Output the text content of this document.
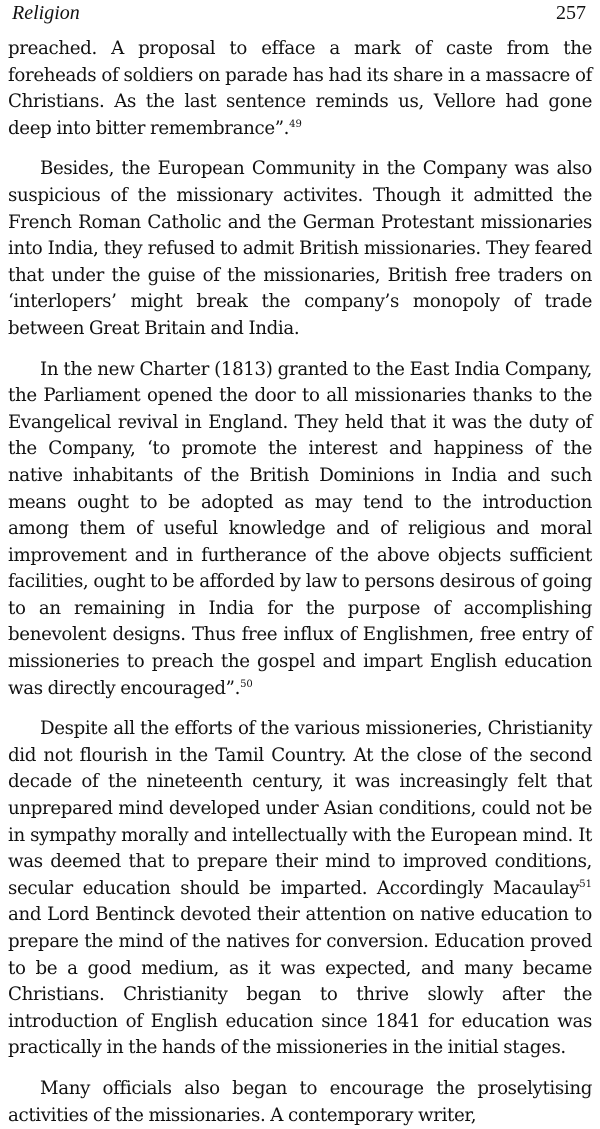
Religion	257

preached. A proposal to efface a mark of caste from the foreheads of soldiers on parade has had its share in a massacre of Christians. As the last sentence reminds us, Vellore had gone deep into bitter remembrance”.$^{49}$

Besides, the European Community in the Company was also suspicious of the missionary activites. Though it admitted the French Roman Catholic and the German Protestant missionaries into India, they refused to admit British missionaries. They feared that under the guise of the missionaries, British free traders on ‘interlopers’ might break the company’s monopoly of trade between Great Britain and India.

In the new Charter (1813) granted to the East India Company, the Parliament opened the door to all missionaries thanks to the Evangelical revival in England. They held that it was the duty of the Company, ‘to promote the interest and happiness of the native inhabitants of the British Dominions in India and such means ought to be adopted as may tend to the introduction among them of useful knowledge and of religious and moral improvement and in furtherance of the above objects sufficient facilities, ought to be afforded by law to persons desirous of going to an remaining in India for the purpose of accomplishing benevolent designs. Thus free influx of Englishmen, free entry of missioneries to preach the gospel and impart English education was directly encouraged”.$^{50}$

Despite all the efforts of the various missioneries, Christianity did not flourish in the Tamil Country. At the close of the second decade of the nineteenth century, it was increasingly felt that unprepared mind developed under Asian conditions, could not be in sympathy morally and intellectually with the European mind. It was deemed that to prepare their mind to improved conditions, secular education should be imparted. Accordingly Macaulay$^{51}$ and Lord Bentinck devoted their attention on native education to prepare the mind of the natives for conversion. Education proved to be a good medium, as it was expected, and many became Christians. Christianity began to thrive slowly after the introduction of English education since 1841 for education was practically in the hands of the missioneries in the initial stages.

Many officials also began to encourage the proselytising activities of the missionaries. A contemporary writer,
